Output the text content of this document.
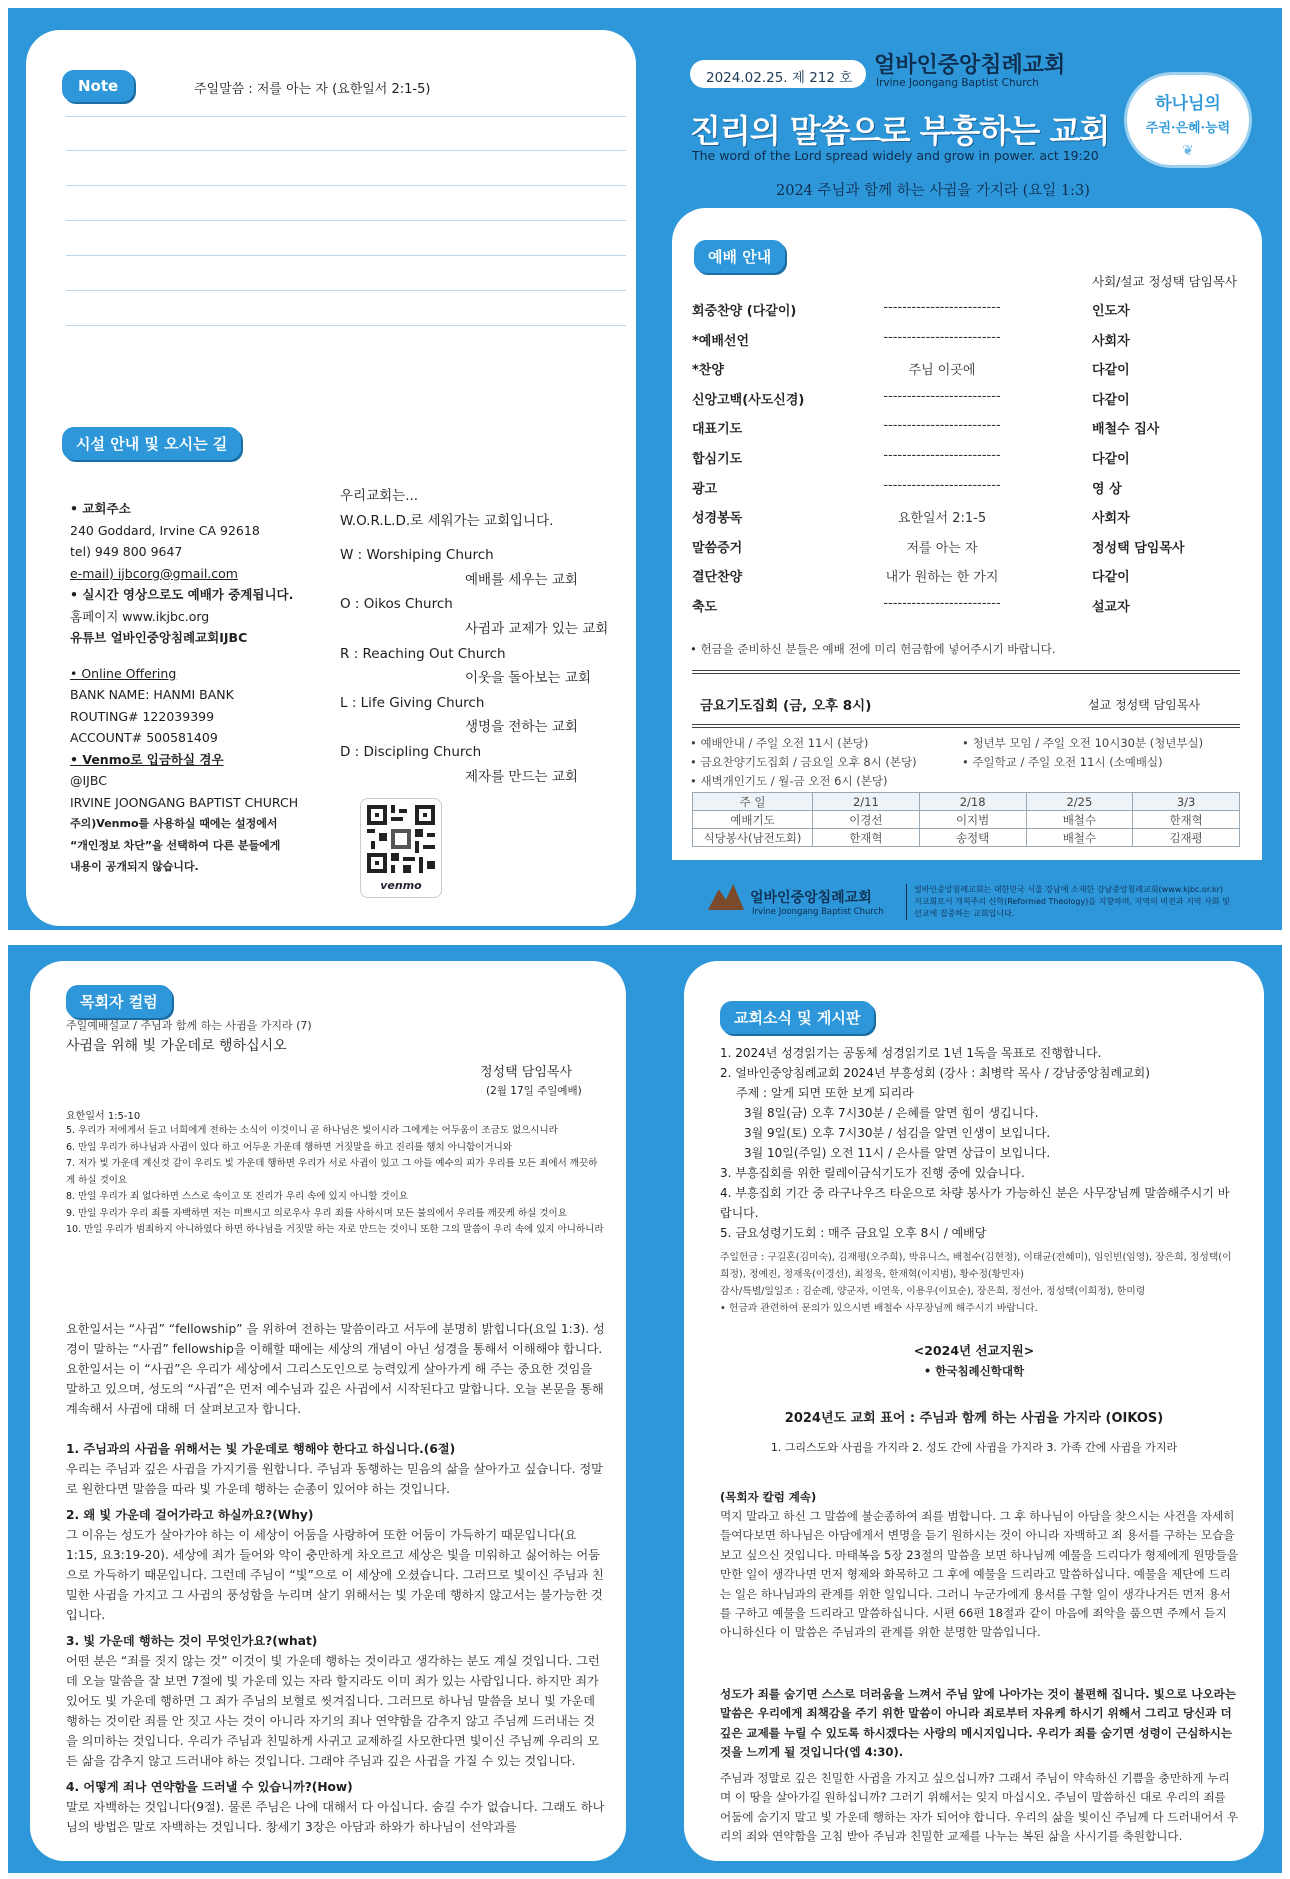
Note	주일말씀 : 저를 아는 자 (요한일서 2:1-5)
시설 안내 및 오시는 길
• 교회주소
240 Goddard, Irvine CA 92618
tel) 949 800 9647
e-mail) ijbcorg@gmail.com
• 실시간 영상으로도 예배가 중계됩니다.
홈페이지 www.ikjbc.org
유튜브 얼바인중앙침례교회IJBC
• Online Offering
BANK NAME: HANMI BANK
ROUTING# 122039399
ACCOUNT# 500581409
• Venmo로 입금하실 경우
@IJBC
IRVINE JOONGANG BAPTIST CHURCH
주의)Venmo를 사용하실 때에는 설정에서
“개인정보 차단”을 선택하여 다른 분들에게
내용이 공개되지 않습니다.
우리교회는...
W.O.R.L.D.로 세워가는 교회입니다.
W : Worshiping Church
예배를 세우는 교회
O : Oikos Church
사귐과 교제가 있는 교회
R : Reaching Out Church
이웃을 돌아보는 교회
L : Life Giving Church
생명을 전하는 교회
D : Discipling Church
제자를 만드는 교회
venmo
2024.02.25. 제 212 호 얼바인중앙침례교회
Irvine Joongang Baptist Church
진리의 말씀으로 부흥하는 교회
The word of the Lord spread widely and grow in power. act 19:20
2024 주님과 함께 하는 사귐을 가지라 (요일 1:3)
하나님의
주권·은혜·능력
❦
예배 안내
사회/설교 정성택 담임목사
회중찬양 (다같이)	-------------------------	인도자
*예배선언	-------------------------	사회자
*찬양	주님 이곳에	다같이
신앙고백(사도신경)	-------------------------	다같이
대표기도	-------------------------	배철수 집사
합심기도	-------------------------	다같이
광고	-------------------------	영 상
성경봉독	요한일서 2:1-5	사회자
말씀증거	저를 아는 자	정성택 담임목사
결단찬양	내가 원하는 한 가지	다같이
축도	-------------------------	설교자
• 헌금을 준비하신 분들은 예배 전에 미리 헌금함에 넣어주시기 바랍니다.
금요기도집회 (금, 오후 8시)	설교 정성택 담임목사
• 예배안내 / 주일 오전 11시 (본당)
• 금요찬양기도집회 / 금요일 오후 8시 (본당)
• 새벽개인기도 / 월-금 오전 6시 (본당)
• 청년부 모임 / 주일 오전 10시30분 (청년부실)
• 주일학교 / 주일 오전 11시 (소예배실)
주 일	2/11	2/18	2/25	3/3
예배기도	이경선	이지범	배철수	한재혁
식당봉사(남전도회)	한재혁	송정택	배철수	김재평
얼바인중앙침례교회
Irvine Joongang Baptist Church
얼바인중앙침례교회는 대한민국 서울 강남에 소재한 강남중앙침례교회(www.kjbc.or.kr)
지교회로서 개혁주의 신학(Reformed Theology)을 지향하며, 지역의 비전과 지역 사회 및
선교에 집중하는 교회입니다.
목회자 컬럼
주일예배설교 / 주님과 함께 하는 사귐을 가지라 (7)
사귐을 위해 빛 가운데로 행하십시오
정성택 담임목사
(2월 17일 주일예배)
요한일서 1:5-10
5. 우리가 저에게서 듣고 너희에게 전하는 소식이 이것이니 곧 하나님은 빛이시라 그에게는 어두움이 조금도 없으시니라
6. 만일 우리가 하나님과 사귐이 있다 하고 어두운 가운데 행하면 거짓말을 하고 진리를 행치 아니함이거니와
7. 저가 빛 가운데 계신것 같이 우리도 빛 가운데 행하면 우리가 서로 사귐이 있고 그 아들 예수의 피가 우리를 모든 죄에서 깨끗하게 하실 것이요
8. 만일 우리가 죄 없다하면 스스로 속이고 또 진리가 우리 속에 있지 아니할 것이요
9. 만일 우리가 우리 죄를 자백하면 저는 미쁘시고 의로우사 우리 죄를 사하시며 모든 불의에서 우리를 깨끗케 하실 것이요
10. 만일 우리가 범죄하지 아니하였다 하면 하나님을 거짓말 하는 자로 만드는 것이니 또한 그의 말씀이 우리 속에 있지 아니하니라
요한일서는 “사귐” “fellowship” 을 위하여 전하는 말씀이라고 서두에 분명히 밝힙니다(요일 1:3). 성경이 말하는 “사귐” fellowship을 이해할 때에는 세상의 개념이 아닌 성경을 통해서 이해해야 합니다. 요한일서는 이 “사귐”은 우리가 세상에서 그리스도인으로 능력있게 살아가게 해 주는 중요한 것임을 말하고 있으며, 성도의 “사귐”은 먼저 예수님과 깊은 사귐에서 시작된다고 말합니다. 오늘 본문을 통해 계속해서 사귐에 대해 더 살펴보고자 합니다.
1. 주님과의 사귐을 위해서는 빛 가운데로 행해야 한다고 하십니다.(6절)
우리는 주님과 깊은 사귐을 가지기를 원합니다. 주님과 동행하는 믿음의 삶을 살아가고 싶습니다. 정말로 원한다면 말씀을 따라 빛 가운데 행하는 순종이 있어야 하는 것입니다.
2. 왜 빛 가운데 걸어가라고 하실까요?(Why)
그 이유는 성도가 살아가야 하는 이 세상이 어둠을 사랑하여 또한 어둠이 가득하기 때문입니다(요1:15, 요3:19-20). 세상에 죄가 들어와 악이 충만하게 차오르고 세상은 빛을 미워하고 싫어하는 어둠으로 가득하기 때문입니다. 그런데 주님이 “빛”으로 이 세상에 오셨습니다. 그러므로 빛이신 주님과 친밀한 사귐을 가지고 그 사귐의 풍성함을 누리며 살기 위해서는 빛 가운데 행하지 않고서는 불가능한 것입니다.
3. 빛 가운데 행하는 것이 무엇인가요?(what)
어떤 분은 “죄를 짓지 않는 것” 이것이 빛 가운데 행하는 것이라고 생각하는 분도 계실 것입니다. 그런데 오늘 말씀을 잘 보면 7절에 빛 가운데 있는 자라 할지라도 이미 죄가 있는 사람입니다. 하지만 죄가 있어도 빛 가운데 행하면 그 죄가 주님의 보혈로 씻겨집니다. 그러므로 하나님 말씀을 보니 빛 가운데 행하는 것이란 죄를 안 짓고 사는 것이 아니라 자기의 죄나 연약함을 감추지 않고 주님께 드러내는 것을 의미하는 것입니다. 우리가 주님과 친밀하게 사귀고 교제하길 사모한다면 빛이신 주님께 우리의 모든 삶을 감추지 않고 드러내야 하는 것입니다. 그래야 주님과 깊은 사귐을 가질 수 있는 것입니다.
4. 어떻게 죄나 연약함을 드러낼 수 있습니까?(How)
말로 자백하는 것입니다(9절). 물론 주님은 나에 대해서 다 아십니다. 숨길 수가 없습니다. 그래도 하나님의 방법은 말로 자백하는 것입니다. 창세기 3장은 아담과 하와가 하나님이 선악과를
교회소식 및 게시판
1. 2024년 성경읽기는 공동체 성경읽기로 1년 1독을 목표로 진행합니다.
2. 얼바인중앙침례교회 2024년 부흥성회 (강사 : 최병락 목사 / 강남중앙침례교회)
주제 : 알게 되면 또한 보게 되리라
3월 8일(금) 오후 7시30분 / 은혜를 알면 힘이 생깁니다.
3월 9일(토) 오후 7시30분 / 섬김을 알면 인생이 보입니다.
3월 10일(주일) 오전 11시 / 은사를 알면 상급이 보입니다.
3. 부흥집회를 위한 릴레이금식기도가 진행 중에 있습니다.
4. 부흥집회 기간 중 라구나우즈 타운으로 차량 봉사가 가능하신 분은 사무장님께 말씀해주시기 바랍니다.
5. 금요성령기도회 : 매주 금요일 오후 8시 / 예배당
주일헌금 : 구길혼(김미숙), 김재평(오주희), 박유니스, 배철수(김현정), 이태균(전혜미), 임인빈(임영), 장은희, 정성택(이희정), 정예진, 정재욱(이경선), 최정욱, 한재혁(이지범), 황수정(황민자)
감사/특별/일일조 : 김순례, 양군자, 이연욱, 이용우(이묘순), 장은희, 정선아, 정성택(이희정), 한미령
• 헌금과 관련하여 문의가 있으시면 배철수 사무장님께 해주시기 바랍니다.
<2024년 선교지원>
• 한국침례신학대학
2024년도 교회 표어 : 주님과 함께 하는 사귐을 가지라 (OIKOS)
1. 그리스도와 사귐을 가지라 2. 성도 간에 사귐을 가지라 3. 가족 간에 사귐을 가지라
(목회자 칼럼 계속)
먹지 말라고 하신 그 말씀에 불순종하여 죄를 범합니다. 그 후 하나님이 아담을 찾으시는 사건을 자세히 들여다보면 하나님은 아담에게서 변명을 듣기 원하시는 것이 아니라 자백하고 죄 용서를 구하는 모습을 보고 싶으신 것입니다. 마태복음 5장 23절의 말씀을 보면 하나님께 예물을 드리다가 형제에게 원망들을 만한 일이 생각나면 먼저 형제와 화목하고 그 후에 예물을 드리라고 말씀하십니다. 예물을 제단에 드리는 일은 하나님과의 관계를 위한 일입니다. 그러니 누군가에게 용서를 구할 일이 생각나거든 먼저 용서를 구하고 예물을 드리라고 말씀하십니다. 시편 66편 18절과 같이 마음에 죄악을 품으면 주께서 듣지 아니하신다 이 말씀은 주님과의 관계를 위한 분명한 말씀입니다.
성도가 죄를 숨기면 스스로 더러움을 느껴서 주님 앞에 나아가는 것이 불편해 집니다. 빛으로 나오라는 말씀은 우리에게 죄책감을 주기 위한 말씀이 아니라 죄로부터 자유케 하시기 위해서 그리고 당신과 더 깊은 교제를 누릴 수 있도록 하시겠다는 사랑의 메시지입니다. 우리가 죄를 숨기면 성령이 근심하시는 것을 느끼게 될 것입니다(엡 4:30).
주님과 정말로 깊은 친밀한 사귐을 가지고 싶으십니까? 그래서 주님이 약속하신 기쁨을 충만하게 누리며 이 땅을 살아가길 원하십니까? 그러기 위해서는 잊지 마십시오. 주님이 말씀하신 대로 우리의 죄를 어둠에 숨기지 말고 빛 가운데 행하는 자가 되어야 합니다. 우리의 삶을 빛이신 주님께 다 드러내어서 우리의 죄와 연약함을 고침 받아 주님과 친밀한 교제를 나누는 복된 삶을 사시기를 축원합니다.
